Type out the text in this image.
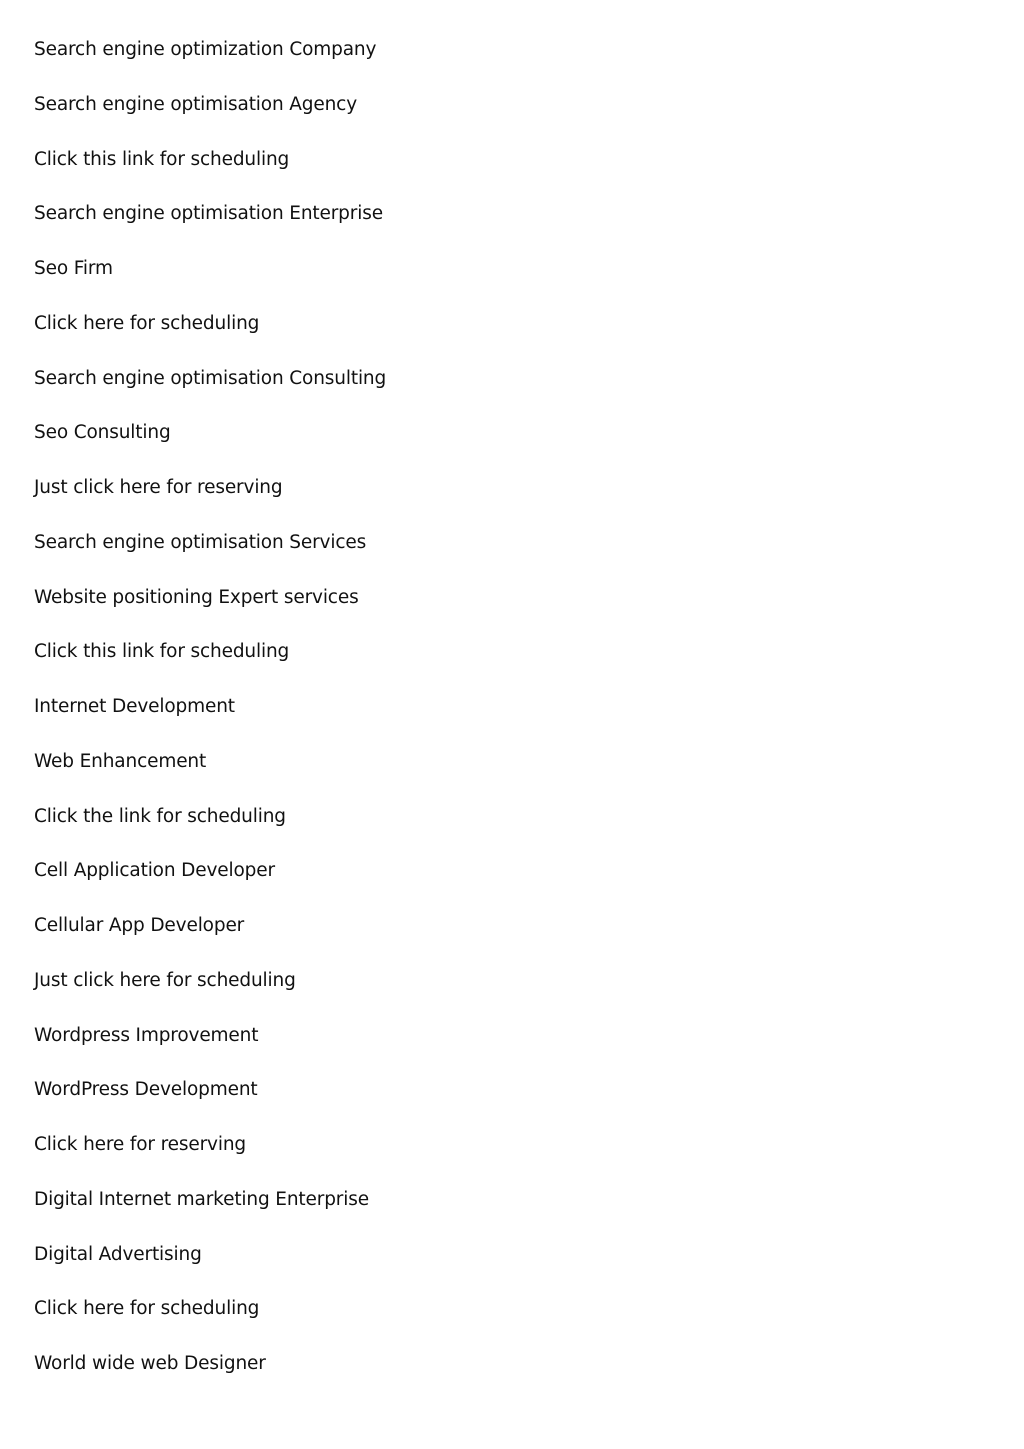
Search engine optimization Company
Search engine optimisation Agency
Click this link for scheduling
Search engine optimisation Enterprise
Seo Firm
Click here for scheduling
Search engine optimisation Consulting
Seo Consulting
Just click here for reserving
Search engine optimisation Services
Website positioning Expert services
Click this link for scheduling
Internet Development
Web Enhancement
Click the link for scheduling
Cell Application Developer
Cellular App Developer
Just click here for scheduling
Wordpress Improvement
WordPress Development
Click here for reserving
Digital Internet marketing Enterprise
Digital Advertising
Click here for scheduling
World wide web Designer
